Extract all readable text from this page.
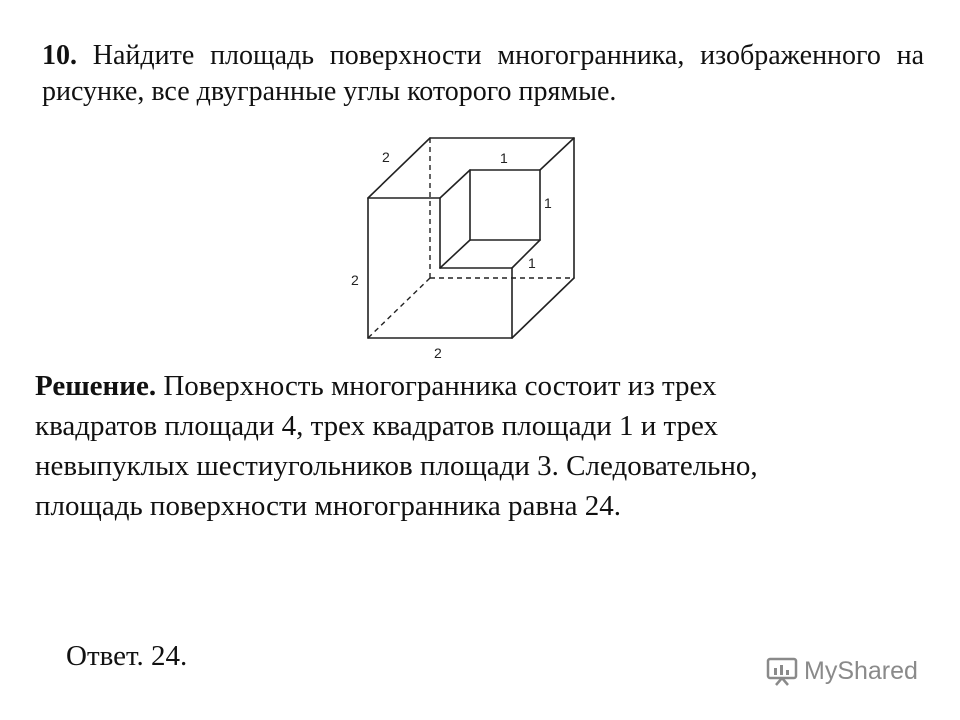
10. Найдите площадь поверхности многогранника, изображенного на рисунке, все двугранные углы которого прямые.
2	1
1
1
2
2
Решение. Поверхность многогранника состоит из трех квадратов площади 4, трех квадратов площади 1 и трех невыпуклых шестиугольников площади 3. Следовательно, площадь поверхности многогранника равна 24.
Ответ. 24.	MyShared
